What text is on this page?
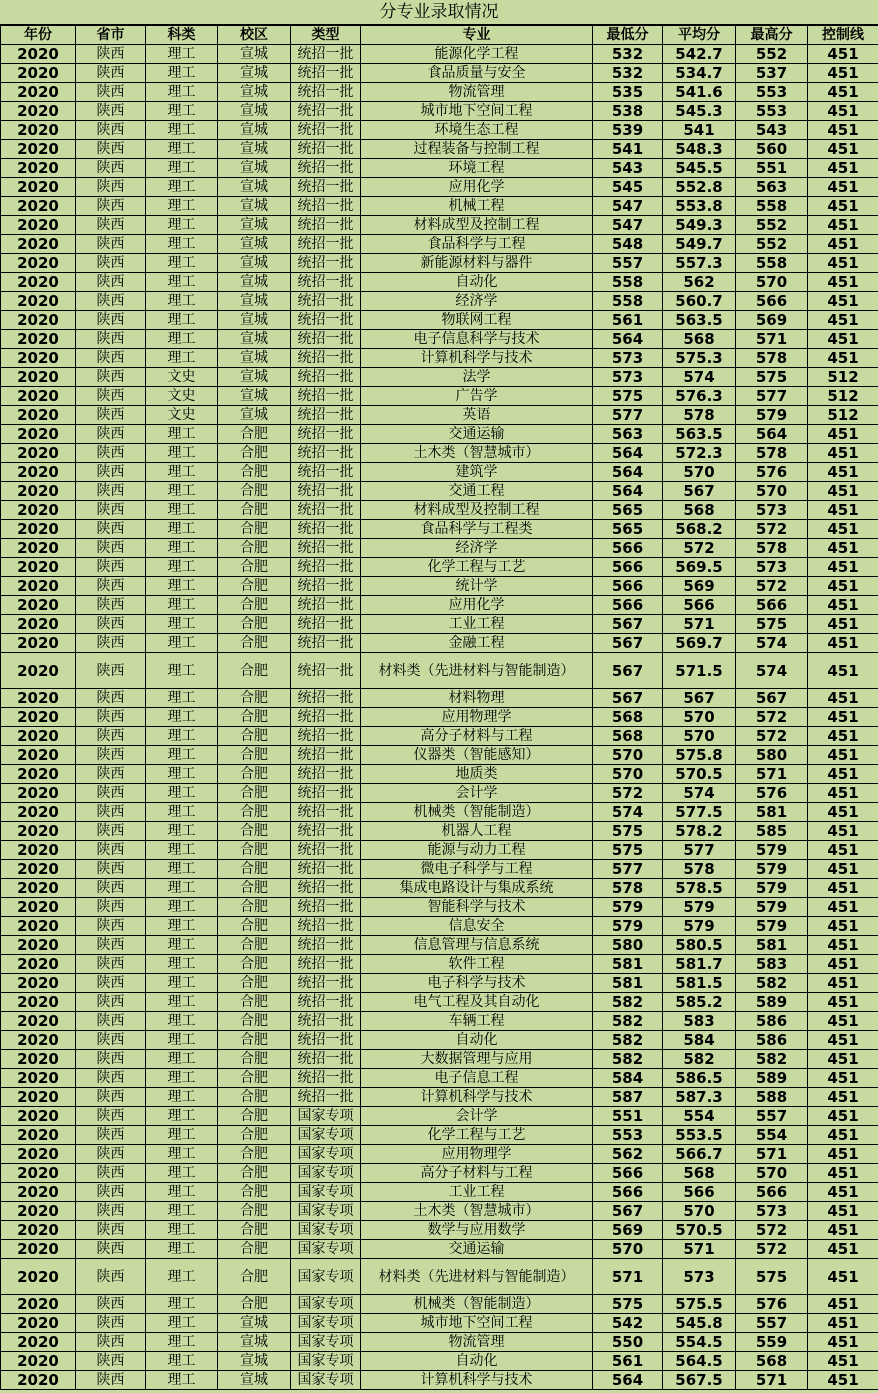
分专业录取情况
年份	省市	科类	校区	类型	专业	最低分	平均分	最高分	控制线
2020	陕西	理工	宣城	统招一批	能源化学工程	532	542.7	552	451
2020	陕西	理工	宣城	统招一批	食品质量与安全	532	534.7	537	451
2020	陕西	理工	宣城	统招一批	物流管理	535	541.6	553	451
2020	陕西	理工	宣城	统招一批	城市地下空间工程	538	545.3	553	451
2020	陕西	理工	宣城	统招一批	环境生态工程	539	541	543	451
2020	陕西	理工	宣城	统招一批	过程装备与控制工程	541	548.3	560	451
2020	陕西	理工	宣城	统招一批	环境工程	543	545.5	551	451
2020	陕西	理工	宣城	统招一批	应用化学	545	552.8	563	451
2020	陕西	理工	宣城	统招一批	机械工程	547	553.8	558	451
2020	陕西	理工	宣城	统招一批	材料成型及控制工程	547	549.3	552	451
2020	陕西	理工	宣城	统招一批	食品科学与工程	548	549.7	552	451
2020	陕西	理工	宣城	统招一批	新能源材料与器件	557	557.3	558	451
2020	陕西	理工	宣城	统招一批	自动化	558	562	570	451
2020	陕西	理工	宣城	统招一批	经济学	558	560.7	566	451
2020	陕西	理工	宣城	统招一批	物联网工程	561	563.5	569	451
2020	陕西	理工	宣城	统招一批	电子信息科学与技术	564	568	571	451
2020	陕西	理工	宣城	统招一批	计算机科学与技术	573	575.3	578	451
2020	陕西	文史	宣城	统招一批	法学	573	574	575	512
2020	陕西	文史	宣城	统招一批	广告学	575	576.3	577	512
2020	陕西	文史	宣城	统招一批	英语	577	578	579	512
2020	陕西	理工	合肥	统招一批	交通运输	563	563.5	564	451
2020	陕西	理工	合肥	统招一批	土木类（智慧城市）	564	572.3	578	451
2020	陕西	理工	合肥	统招一批	建筑学	564	570	576	451
2020	陕西	理工	合肥	统招一批	交通工程	564	567	570	451
2020	陕西	理工	合肥	统招一批	材料成型及控制工程	565	568	573	451
2020	陕西	理工	合肥	统招一批	食品科学与工程类	565	568.2	572	451
2020	陕西	理工	合肥	统招一批	经济学	566	572	578	451
2020	陕西	理工	合肥	统招一批	化学工程与工艺	566	569.5	573	451
2020	陕西	理工	合肥	统招一批	统计学	566	569	572	451
2020	陕西	理工	合肥	统招一批	应用化学	566	566	566	451
2020	陕西	理工	合肥	统招一批	工业工程	567	571	575	451
2020	陕西	理工	合肥	统招一批	金融工程	567	569.7	574	451
2020	陕西	理工	合肥	统招一批	材料类（先进材料与智能制造）	567	571.5	574	451
2020	陕西	理工	合肥	统招一批	材料物理	567	567	567	451
2020	陕西	理工	合肥	统招一批	应用物理学	568	570	572	451
2020	陕西	理工	合肥	统招一批	高分子材料与工程	568	570	572	451
2020	陕西	理工	合肥	统招一批	仪器类（智能感知）	570	575.8	580	451
2020	陕西	理工	合肥	统招一批	地质类	570	570.5	571	451
2020	陕西	理工	合肥	统招一批	会计学	572	574	576	451
2020	陕西	理工	合肥	统招一批	机械类（智能制造）	574	577.5	581	451
2020	陕西	理工	合肥	统招一批	机器人工程	575	578.2	585	451
2020	陕西	理工	合肥	统招一批	能源与动力工程	575	577	579	451
2020	陕西	理工	合肥	统招一批	微电子科学与工程	577	578	579	451
2020	陕西	理工	合肥	统招一批	集成电路设计与集成系统	578	578.5	579	451
2020	陕西	理工	合肥	统招一批	智能科学与技术	579	579	579	451
2020	陕西	理工	合肥	统招一批	信息安全	579	579	579	451
2020	陕西	理工	合肥	统招一批	信息管理与信息系统	580	580.5	581	451
2020	陕西	理工	合肥	统招一批	软件工程	581	581.7	583	451
2020	陕西	理工	合肥	统招一批	电子科学与技术	581	581.5	582	451
2020	陕西	理工	合肥	统招一批	电气工程及其自动化	582	585.2	589	451
2020	陕西	理工	合肥	统招一批	车辆工程	582	583	586	451
2020	陕西	理工	合肥	统招一批	自动化	582	584	586	451
2020	陕西	理工	合肥	统招一批	大数据管理与应用	582	582	582	451
2020	陕西	理工	合肥	统招一批	电子信息工程	584	586.5	589	451
2020	陕西	理工	合肥	统招一批	计算机科学与技术	587	587.3	588	451
2020	陕西	理工	合肥	国家专项	会计学	551	554	557	451
2020	陕西	理工	合肥	国家专项	化学工程与工艺	553	553.5	554	451
2020	陕西	理工	合肥	国家专项	应用物理学	562	566.7	571	451
2020	陕西	理工	合肥	国家专项	高分子材料与工程	566	568	570	451
2020	陕西	理工	合肥	国家专项	工业工程	566	566	566	451
2020	陕西	理工	合肥	国家专项	土木类（智慧城市）	567	570	573	451
2020	陕西	理工	合肥	国家专项	数学与应用数学	569	570.5	572	451
2020	陕西	理工	合肥	国家专项	交通运输	570	571	572	451
2020	陕西	理工	合肥	国家专项	材料类（先进材料与智能制造）	571	573	575	451
2020	陕西	理工	合肥	国家专项	机械类（智能制造）	575	575.5	576	451
2020	陕西	理工	宣城	国家专项	城市地下空间工程	542	545.8	557	451
2020	陕西	理工	宣城	国家专项	物流管理	550	554.5	559	451
2020	陕西	理工	宣城	国家专项	自动化	561	564.5	568	451
2020	陕西	理工	宣城	国家专项	计算机科学与技术	564	567.5	571	451
